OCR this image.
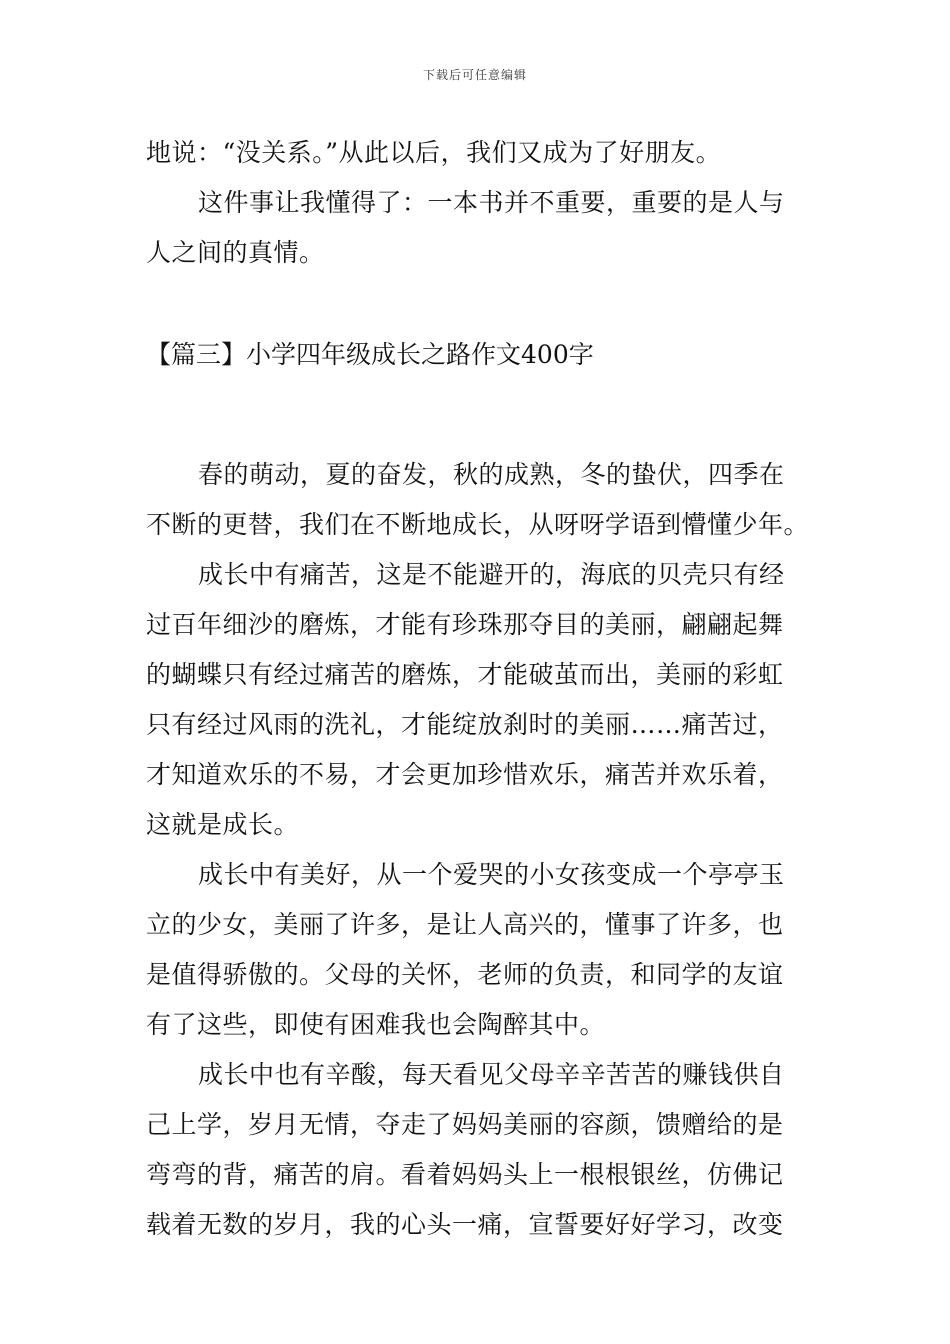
下载后可任意编辑
地说：“没关系。”从此以后，我们又成为了好朋友。
这件事让我懂得了：一本书并不重要，重要的是人与
人之间的真情。
【篇三】小学四年级成长之路作文400字
春的萌动，夏的奋发，秋的成熟，冬的蛰伏，四季在
不断的更替，我们在不断地成长，从呀呀学语到懵懂少年。
成长中有痛苦，这是不能避开的，海底的贝壳只有经
过百年细沙的磨炼，才能有珍珠那夺目的美丽，翩翩起舞
的蝴蝶只有经过痛苦的磨炼，才能破茧而出，美丽的彩虹
只有经过风雨的洗礼，才能绽放刹时的美丽……痛苦过，
才知道欢乐的不易，才会更加珍惜欢乐，痛苦并欢乐着，
这就是成长。
成长中有美好，从一个爱哭的小女孩变成一个亭亭玉
立的少女，美丽了许多，是让人高兴的，懂事了许多，也
是值得骄傲的。父母的关怀，老师的负责，和同学的友谊
有了这些，即使有困难我也会陶醉其中。
成长中也有辛酸，每天看见父母辛辛苦苦的赚钱供自
己上学，岁月无情，夺走了妈妈美丽的容颜，馈赠给的是
弯弯的背，痛苦的肩。看着妈妈头上一根根银丝，仿佛记
载着无数的岁月，我的心头一痛，宣誓要好好学习，改变
